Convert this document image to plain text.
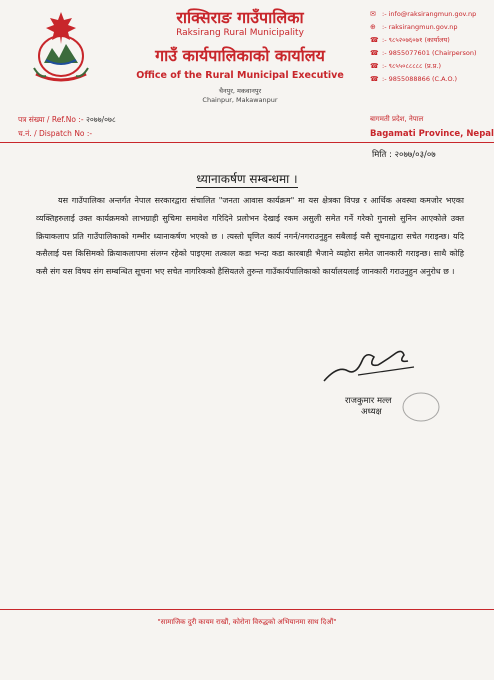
राक्सिराङ गाउँपालिका
Raksirang Rural Municipality
गाउँ कार्यपालिकाको कार्यालय
Office of the Rural Municipal Executive
चैनपुर, मकवानपुर
Chainpur, Makawanpur
✉ :- info@raksirangmun.gov.np
⊕ :- raksirangmun.gov.np
☎ :- ९८५२०७६०७१ (कार्यालय)
☎ :- 9855077601 (Chairperson)
☎ :- ९८५५०८८८८८ (प्र.प्र.)
☎ :- 9855088866 (C.A.O.)
पत्र संख्या / Ref.No :- २०७७/०७८
च.नं. / Dispatch No :-
बागमती प्रदेश, नेपाल
Bagamati Province, Nepal
मिति : २०७७/०३/०७
ध्यानाकर्षण सम्बन्धमा ।
यस गाउँपालिका अन्तर्गत नेपाल सरकारद्वारा संचालित "जनता आवास कार्यक्रम" मा यस क्षेत्रका विपन्न र आर्थिक अवस्था कमजोर भएका व्यक्तिहरुलाई उक्त कार्यक्रमको लाभग्राही सुचिमा समावेश गरिदिने प्रलोभन देखाई रकम असुली समेत गर्ने गरेको गुनासो सुनिन आएकोले उक्त क्रियाकलाप प्रति गाउँपालिकाको गम्भीर ध्यानाकर्षण भएको छ । त्यस्तो घृणित कार्य नगर्न/नगराउनुहुन सबैलाई यसै सूचनाद्वारा सचेत गराइन्छ। यदि कसैलाई यस किसिमको क्रियाकलापमा संलग्न रहेको पाइएमा तत्काल कडा भन्दा कडा कारबाही भैजाने व्यहोरा समेत जानकारी गराइन्छ। साथै कोहि कसै संग यस विषय संग सम्बन्धित सूचना भए सचेत नागरिकको हैसियतले तुरुन्त गाउँकार्यपालिकाको कार्यालयलाई जानकारी गराउनुहुन अनुरोध छ ।
राजकुमार मल्ल
अध्यक्ष
"सामाजिक दुरी कायम राखौं, कोरोना विरुद्धको अभियानमा साथ दिऔं"
